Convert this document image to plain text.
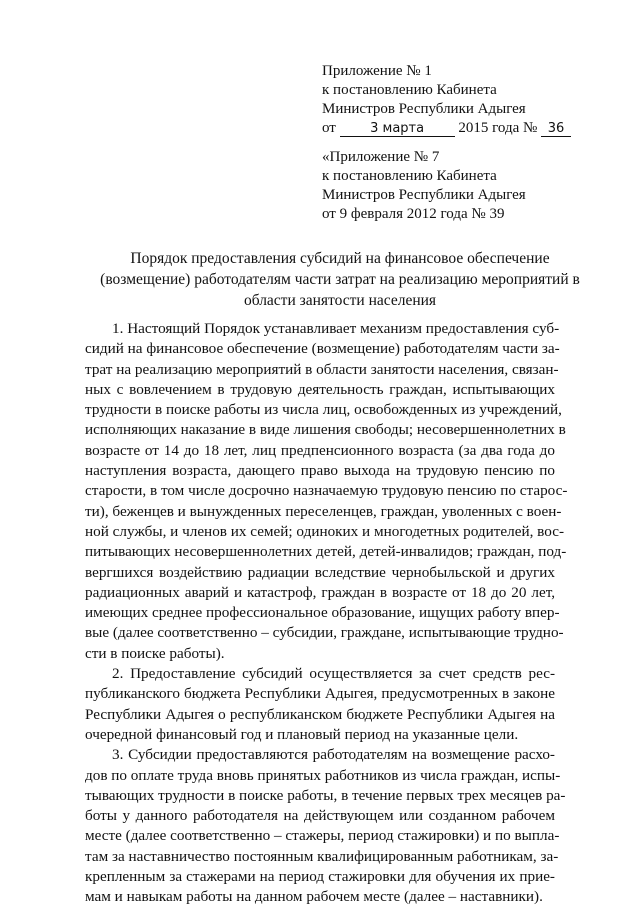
Приложение № 1
к постановлению Кабинета
Министров Республики Адыгея
от	3 марта 2015 года № 36
«Приложение № 7
к постановлению Кабинета
Министров Республики Адыгея
от 9 февраля 2012 года № 39
Порядок предоставления субсидий на финансовое обеспечение
(возмещение) работодателям части затрат на реализацию мероприятий в
области занятости населения
1. Настоящий Порядок устанавливает механизм предоставления суб-
сидий на финансовое обеспечение (возмещение) работодателям части за-
трат на реализацию мероприятий в области занятости населения, связан-
ных с вовлечением в трудовую деятельность граждан, испытывающих
трудности в поиске работы из числа лиц, освобожденных из учреждений,
исполняющих наказание в виде лишения свободы; несовершеннолетних в
возрасте от 14 до 18 лет, лиц предпенсионного возраста (за два года до
наступления возраста, дающего право выхода на трудовую пенсию по
старости, в том числе досрочно назначаемую трудовую пенсию по старос-
ти), беженцев и вынужденных переселенцев, граждан, уволенных с воен-
ной службы, и членов их семей; одиноких и многодетных родителей, вос-
питывающих несовершеннолетних детей, детей-инвалидов; граждан, под-
вергшихся воздействию радиации вследствие чернобыльской и других
радиационных аварий и катастроф, граждан в возрасте от 18 до 20 лет,
имеющих среднее профессиональное образование, ищущих работу впер-
вые (далее соответственно – субсидии, граждане, испытывающие трудно-
сти в поиске работы).
2. Предоставление субсидий осуществляется за счет средств рес-
публиканского бюджета Республики Адыгея, предусмотренных в законе
Республики Адыгея о республиканском бюджете Республики Адыгея на
очередной финансовый год и плановый период на указанные цели.
3. Субсидии предоставляются работодателям на возмещение расхо-
дов по оплате труда вновь принятых работников из числа граждан, испы-
тывающих трудности в поиске работы, в течение первых трех месяцев ра-
боты у данного работодателя на действующем или созданном рабочем
месте (далее соответственно – стажеры, период стажировки) и по выпла-
там за наставничество постоянным квалифицированным работникам, за-
крепленным за стажерами на период стажировки для обучения их прие-
мам и навыкам работы на данном рабочем месте (далее – наставники).
